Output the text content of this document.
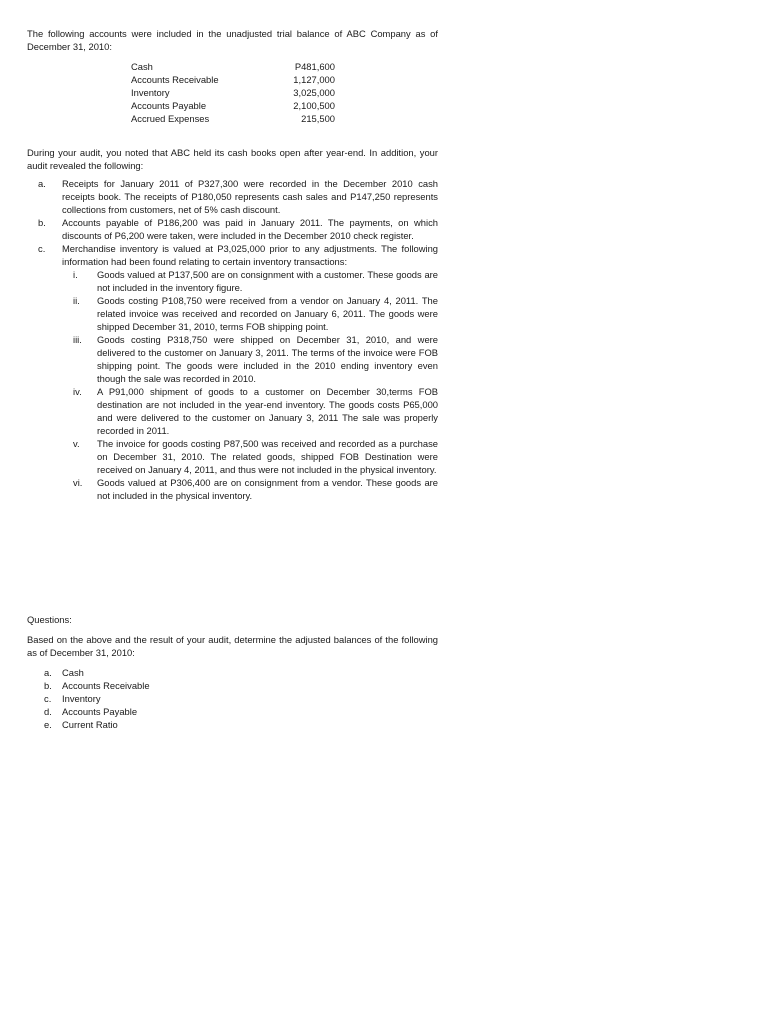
The following accounts were included in the unadjusted trial balance of ABC Company as of December 31, 2010:

Cash	P481,600
Accounts Receivable	1,127,000
Inventory	3,025,000
Accounts Payable	2,100,500
Accrued Expenses	215,500

During your audit, you noted that ABC held its cash books open after year-end. In addition, your audit revealed the following:

a.	Receipts for January 2011 of P327,300 were recorded in the December 2010 cash receipts book. The receipts of P180,050 represents cash sales and P147,250 represents collections from customers, net of 5% cash discount.
b.	Accounts payable of P186,200 was paid in January 2011. The payments, on which discounts of P6,200 were taken, were included in the December 2010 check register.
c.	Merchandise inventory is valued at P3,025,000 prior to any adjustments. The following information had been found relating to certain inventory transactions:
i.	Goods valued at P137,500 are on consignment with a customer. These goods are not included in the inventory figure.
ii.	Goods costing P108,750 were received from a vendor on January 4, 2011. The related invoice was received and recorded on January 6, 2011. The goods were shipped December 31, 2010, terms FOB shipping point.
iii.	Goods costing P318,750 were shipped on December 31, 2010, and were delivered to the customer on January 3, 2011. The terms of the invoice were FOB shipping point. The goods were included in the 2010 ending inventory even though the sale was recorded in 2010.
iv.	A P91,000 shipment of goods to a customer on December 30,terms FOB destination are not included in the year-end inventory. The goods costs P65,000 and were delivered to the customer on January 3, 2011 The sale was properly recorded in 2011.
v.	The invoice for goods costing P87,500 was received and recorded as a purchase on December 31, 2010. The related goods, shipped FOB Destination were received on January 4, 2011, and thus were not included in the physical inventory.
vi.	Goods valued at P306,400 are on consignment from a vendor. These goods are not included in the physical inventory.

Questions:

Based on the above and the result of your audit, determine the adjusted balances of the following as of December 31, 2010:

a.	Cash
b.	Accounts Receivable
c.	Inventory
d.	Accounts Payable
e.	Current Ratio
